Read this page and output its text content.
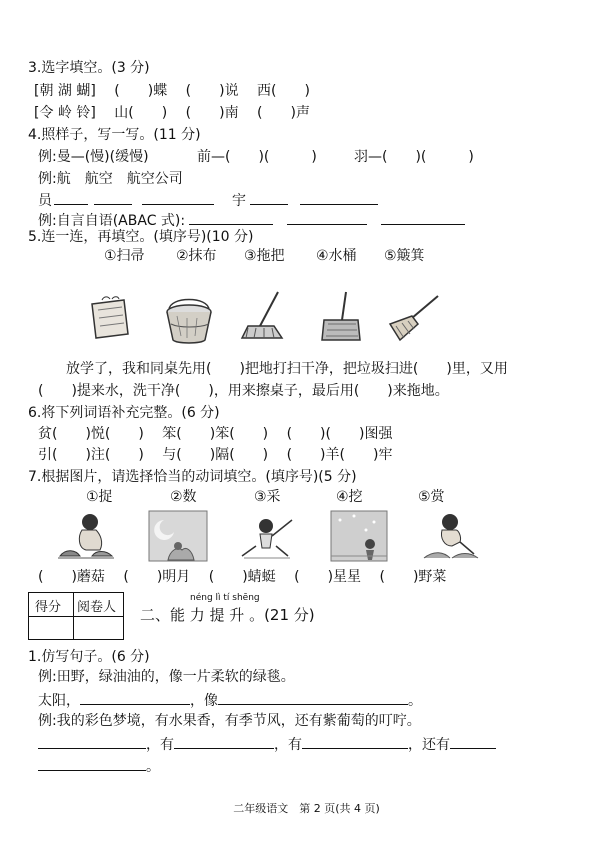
3.选字填空。(3 分)
[朝 湖 蝴]　 (　　)蝶　 (　　)说　 西(　　)
[令 岭 铃]　 山(　　)　 (　　)南　 (　　)声
4.照样子，写一写。(11 分)
例:曼—(慢)(缓慢)	前—(　　)(　　　)	羽—(　　)(　　　)
例:航　航空　航空公司
员	宇
例:自言自语(ABAC 式):
5.连一连，再填空。(填序号)(10 分)
①扫帚 ②抹布 ③拖把 ④水桶 ⑤簸箕
放学了，我和同桌先用(　　)把地打扫干净，把垃圾扫进(　　)里，又用
(　　)提来水，洗干净(　　)，用来擦桌子，最后用(　　)来拖地。
6.将下列词语补充完整。(6 分)
贫(　　)悦(　　)　 笨(　　)笨(　　)　 (　　)(　　)图强
引(　　)注(　　)　 与(　　)隔(　　)　 (　　)羊(　　)牢
7.根据图片，请选择恰当的动词填空。(填序号)(5 分)
①捉	②数	③采	④挖	⑤赏
(　　)蘑菇　 (　　)明月　 (　　)蜻蜓　 (　　)星星　 (　　)野菜
得分 阅卷人
néng lì tí shēng
二、能 力 提 升 。(21 分)
1.仿写句子。(6 分)
例:田野，绿油油的，像一片柔软的绿毯。
太阳，	，像	。
例:我的彩色梦境，有水果香，有季节风，还有紫葡萄的叮咛。
，有	，有	，还有
。
二年级语文　第 2 页(共 4 页)
